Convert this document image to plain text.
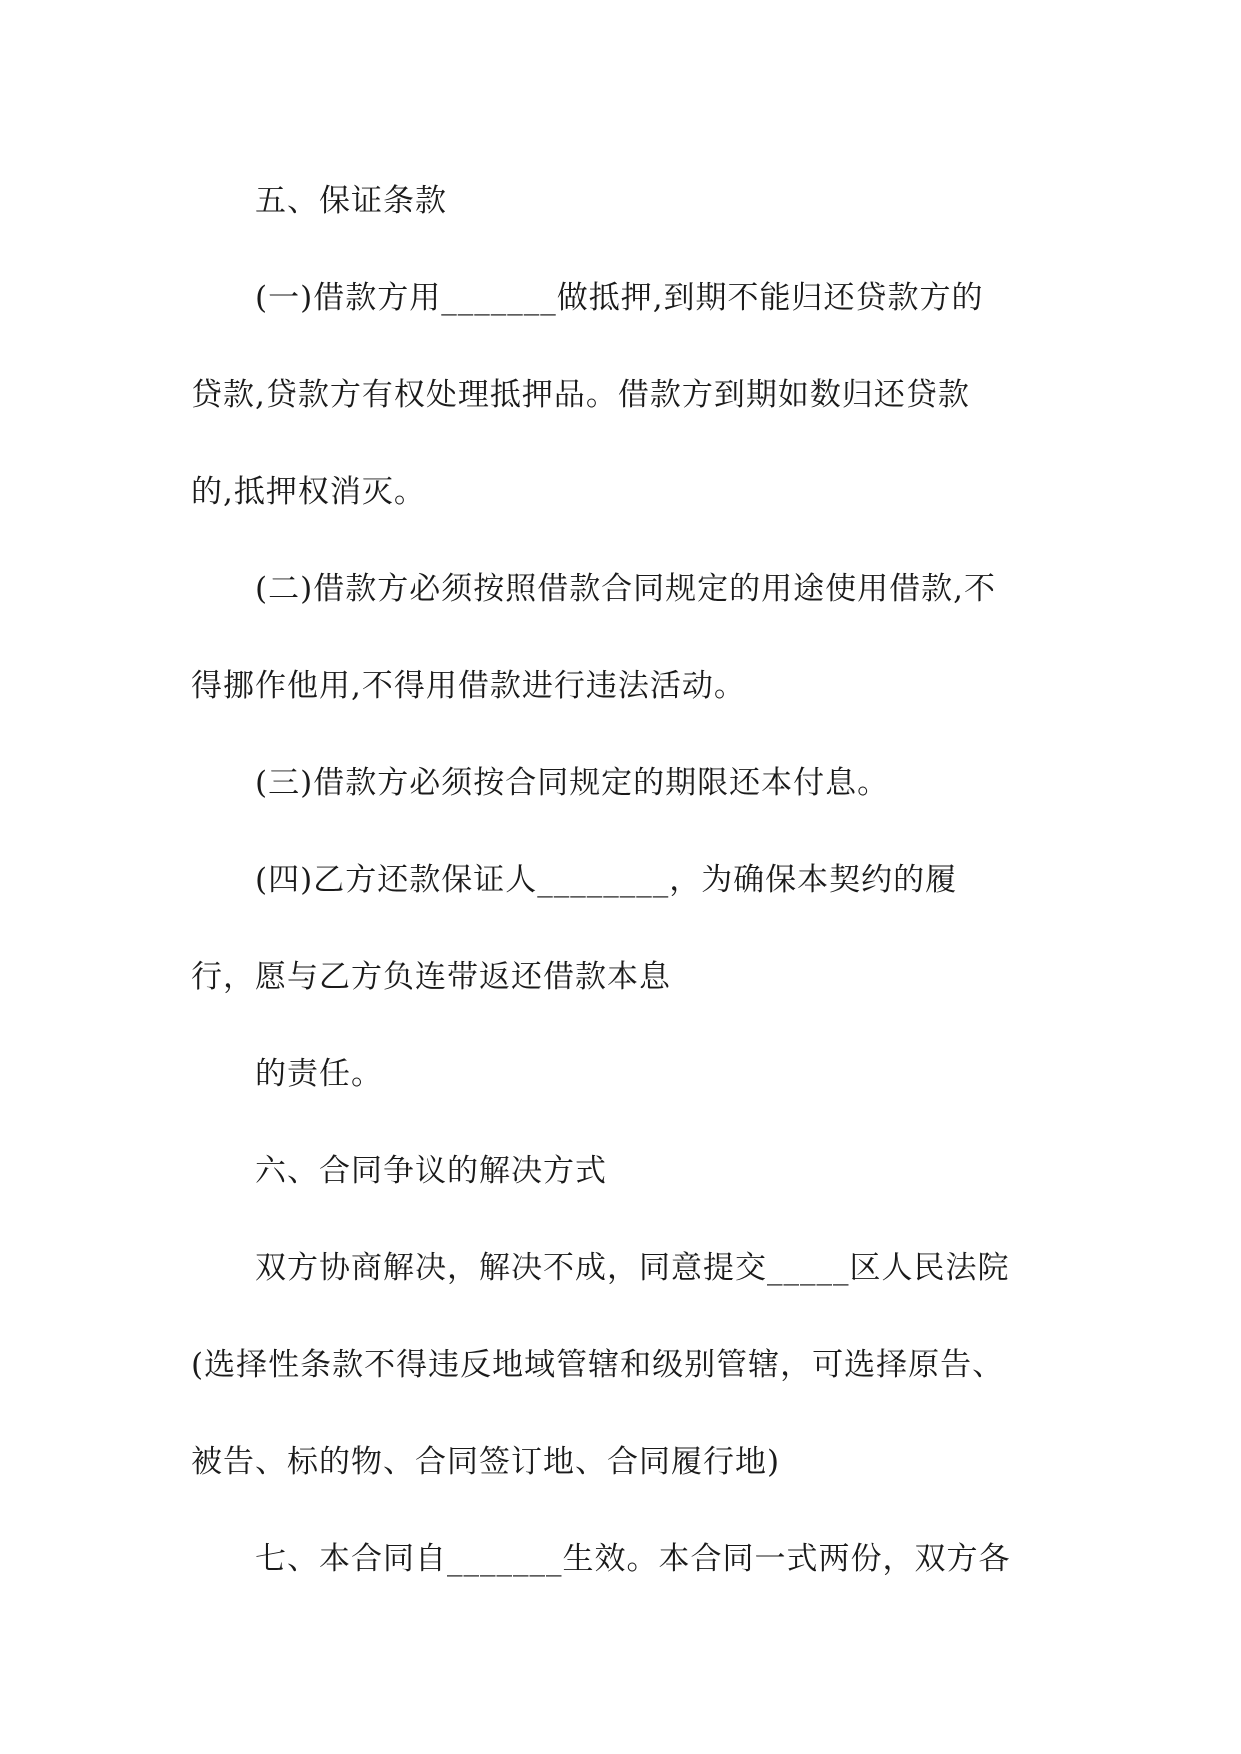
五、保证条款
(一)借款方用_______做抵押,到期不能归还贷款方的
贷款,贷款方有权处理抵押品。借款方到期如数归还贷款
的,抵押权消灭。
(二)借款方必须按照借款合同规定的用途使用借款,不
得挪作他用,不得用借款进行违法活动。
(三)借款方必须按合同规定的期限还本付息。
(四)乙方还款保证人________，为确保本契约的履
行，愿与乙方负连带返还借款本息
的责任。
六、合同争议的解决方式
双方协商解决，解决不成，同意提交_____区人民法院
(选择性条款不得违反地域管辖和级别管辖，可选择原告、
被告、标的物、合同签订地、合同履行地)
七、本合同自_______生效。本合同一式两份，双方各
